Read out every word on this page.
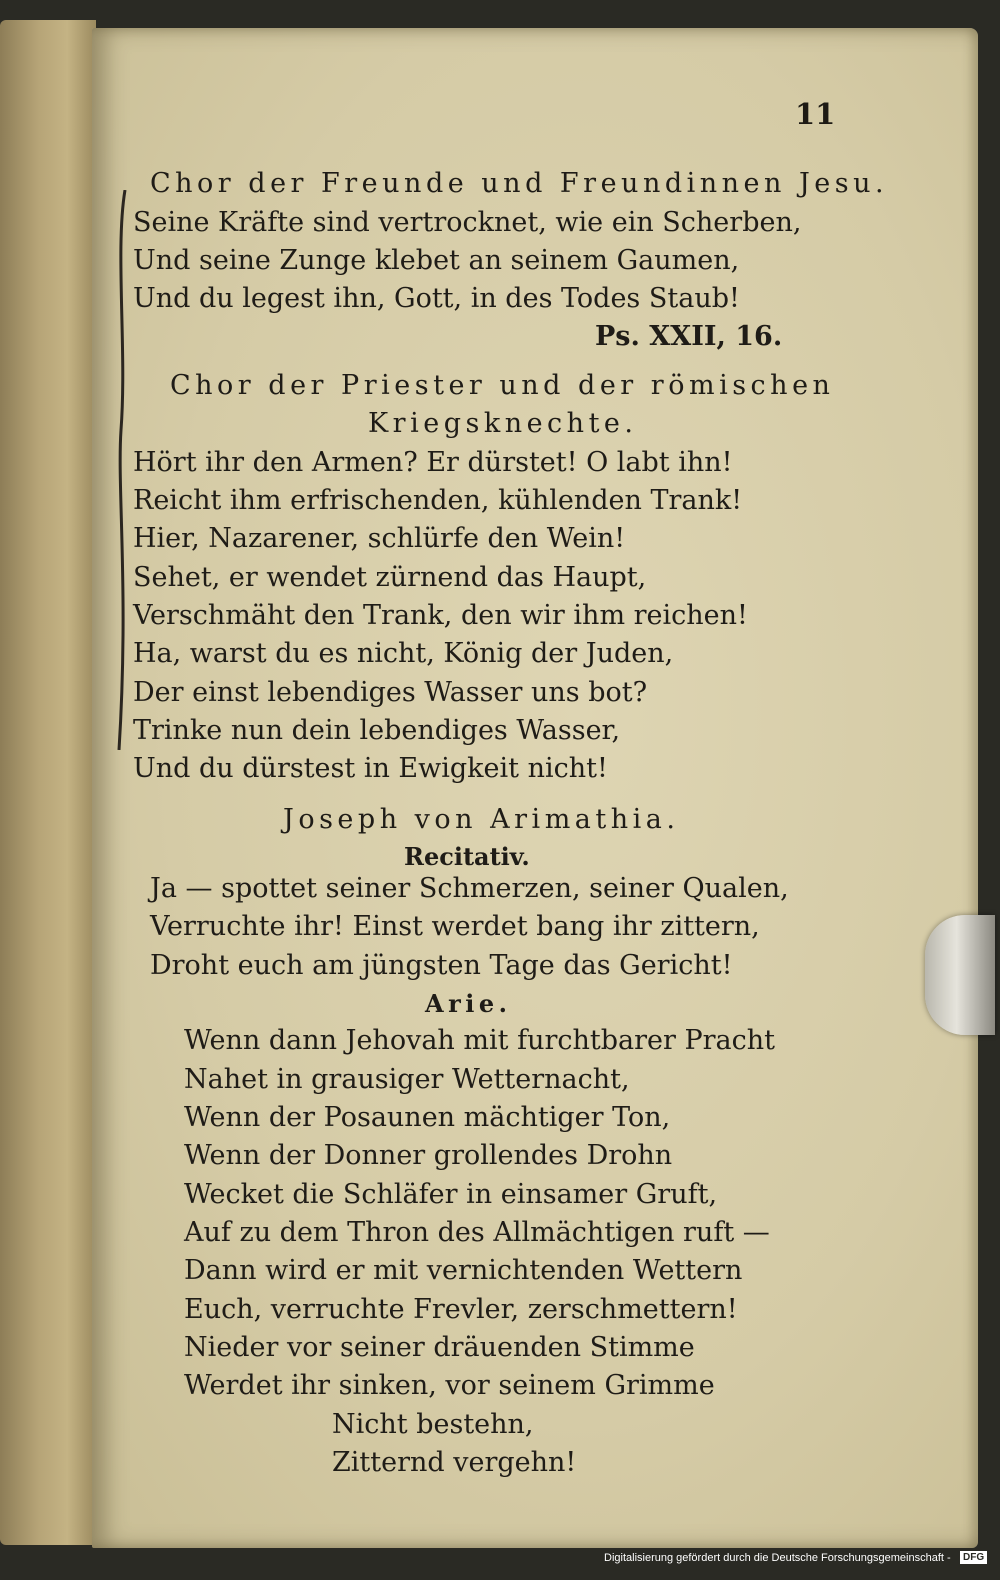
11
Chor der Freunde und Freundinnen Jesu.
Seine Kräfte sind vertrocknet, wie ein Scherben,
Und seine Zunge klebet an seinem Gaumen,
Und du legest ihn, Gott, in des Todes Staub!
Ps. XXII, 16.
Chor der Priester und der römischen
Kriegsknechte.
Hört ihr den Armen? Er dürstet! O labt ihn!
Reicht ihm erfrischenden, kühlenden Trank!
Hier, Nazarener, schlürfe den Wein!
Sehet, er wendet zürnend das Haupt,
Verschmäht den Trank, den wir ihm reichen!
Ha, warst du es nicht, König der Juden,
Der einst lebendiges Wasser uns bot?
Trinke nun dein lebendiges Wasser,
Und du dürstest in Ewigkeit nicht!
Joseph von Arimathia.
Recitativ.
Ja — spottet seiner Schmerzen, seiner Qualen,
Verruchte ihr! Einst werdet bang ihr zittern,
Droht euch am jüngsten Tage das Gericht!
Arie.
Wenn dann Jehovah mit furchtbarer Pracht
Nahet in grausiger Wetternacht,
Wenn der Posaunen mächtiger Ton,
Wenn der Donner grollendes Drohn
Wecket die Schläfer in einsamer Gruft,
Auf zu dem Thron des Allmächtigen ruft —
Dann wird er mit vernichtenden Wettern
Euch, verruchte Frevler, zerschmettern!
Nieder vor seiner dräuenden Stimme
Werdet ihr sinken, vor seinem Grimme
Nicht bestehn,
Zitternd vergehn!
Digitalisierung gefördert durch die Deutsche Forschungsgemeinschaft -	DFG
